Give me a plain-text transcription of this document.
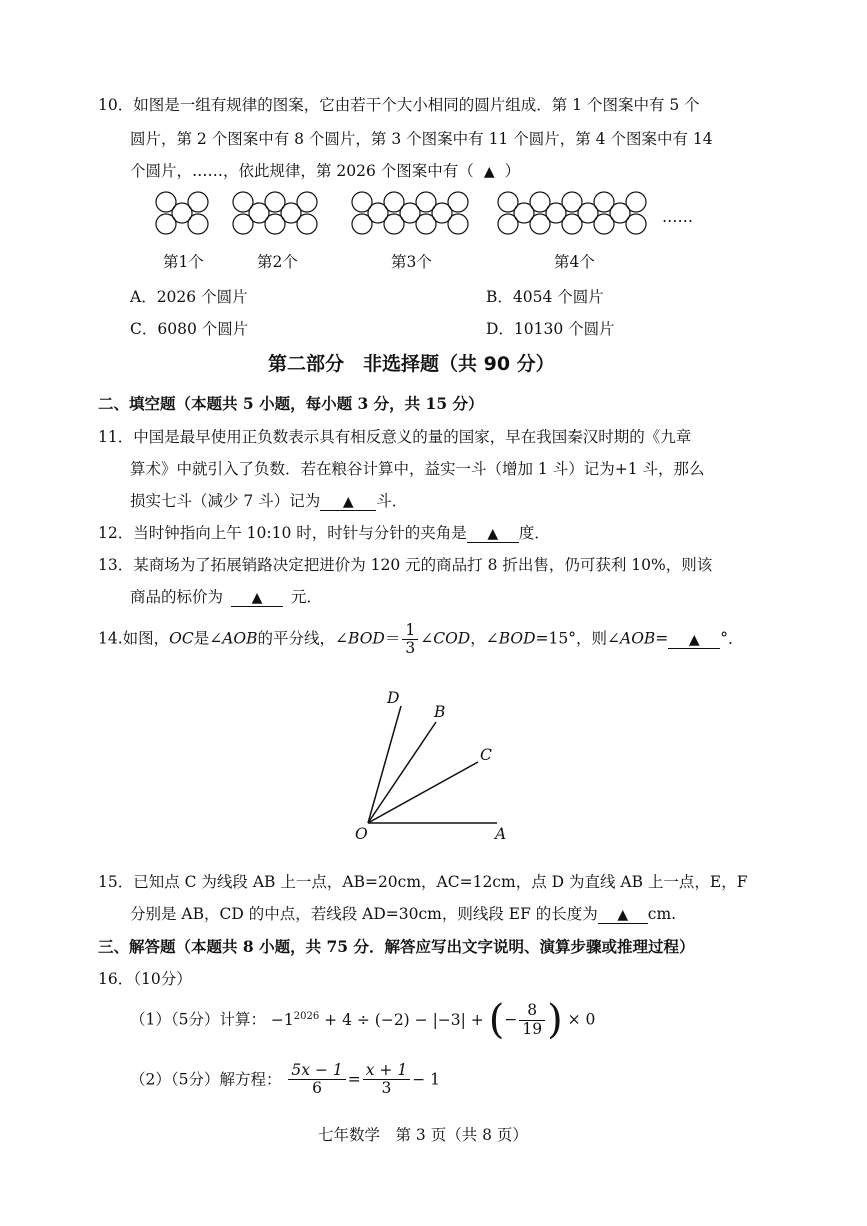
10．如图是一组有规律的图案，它由若干个大小相同的圆片组成．第 1 个图案中有 5 个
圆片，第 2 个图案中有 8 个圆片，第 3 个图案中有 11 个圆片，第 4 个图案中有 14
个圆片，……，依此规律，第 2026 个图案中有（ ▲ ）
……
第1个	第2个	第3个	第4个
A．2026 个圆片	B．4054 个圆片
C．6080 个圆片	D．10130 个圆片
第二部分　非选择题（共 90 分）
二、填空题（本题共 5 小题，每小题 3 分，共 15 分）
11．中国是最早使用正负数表示具有相反意义的量的国家，早在我国秦汉时期的《九章
算术》中就引入了负数．若在粮谷计算中，益实一斗（增加 1 斗）记为+1 斗，那么
损实七斗（减少 7 斗）记为 ▲ 斗．
12．当时钟指向上午 10:10 时，时针与分针的夹角是 ▲ 度．
13．某商场为了拓展销路决定把进价为 120 元的商品打 8 折出售，仍可获利 10%，则该
商品的标价为 ▲ 元．
14.如图，OC是∠AOB的平分线，∠BOD＝ $\frac{1}{3}$ ∠COD，∠BOD=15°，则∠AOB= ▲ °．
D
B
C
O	A
15．已知点 C 为线段 AB 上一点，AB=20cm，AC=12cm，点 D 为直线 AB 上一点，E，F
分别是 AB，CD 的中点，若线段 AD=30cm，则线段 EF 的长度为 ▲ cm.
三、解答题（本题共 8 小题，共 75 分．解答应写出文字说明、演算步骤或推理过程）
16．（10分）
（1）（5分）计算： $-1^{2026} + 4 \div (-2) - |-3|$ + (− $\frac{8}{19}$ ) × 0
（2）（5分）解方程： $\frac{5x - 1}{6} = \frac{x + 1}{3} - 1$
七年数学　第 3 页（共 8 页）
